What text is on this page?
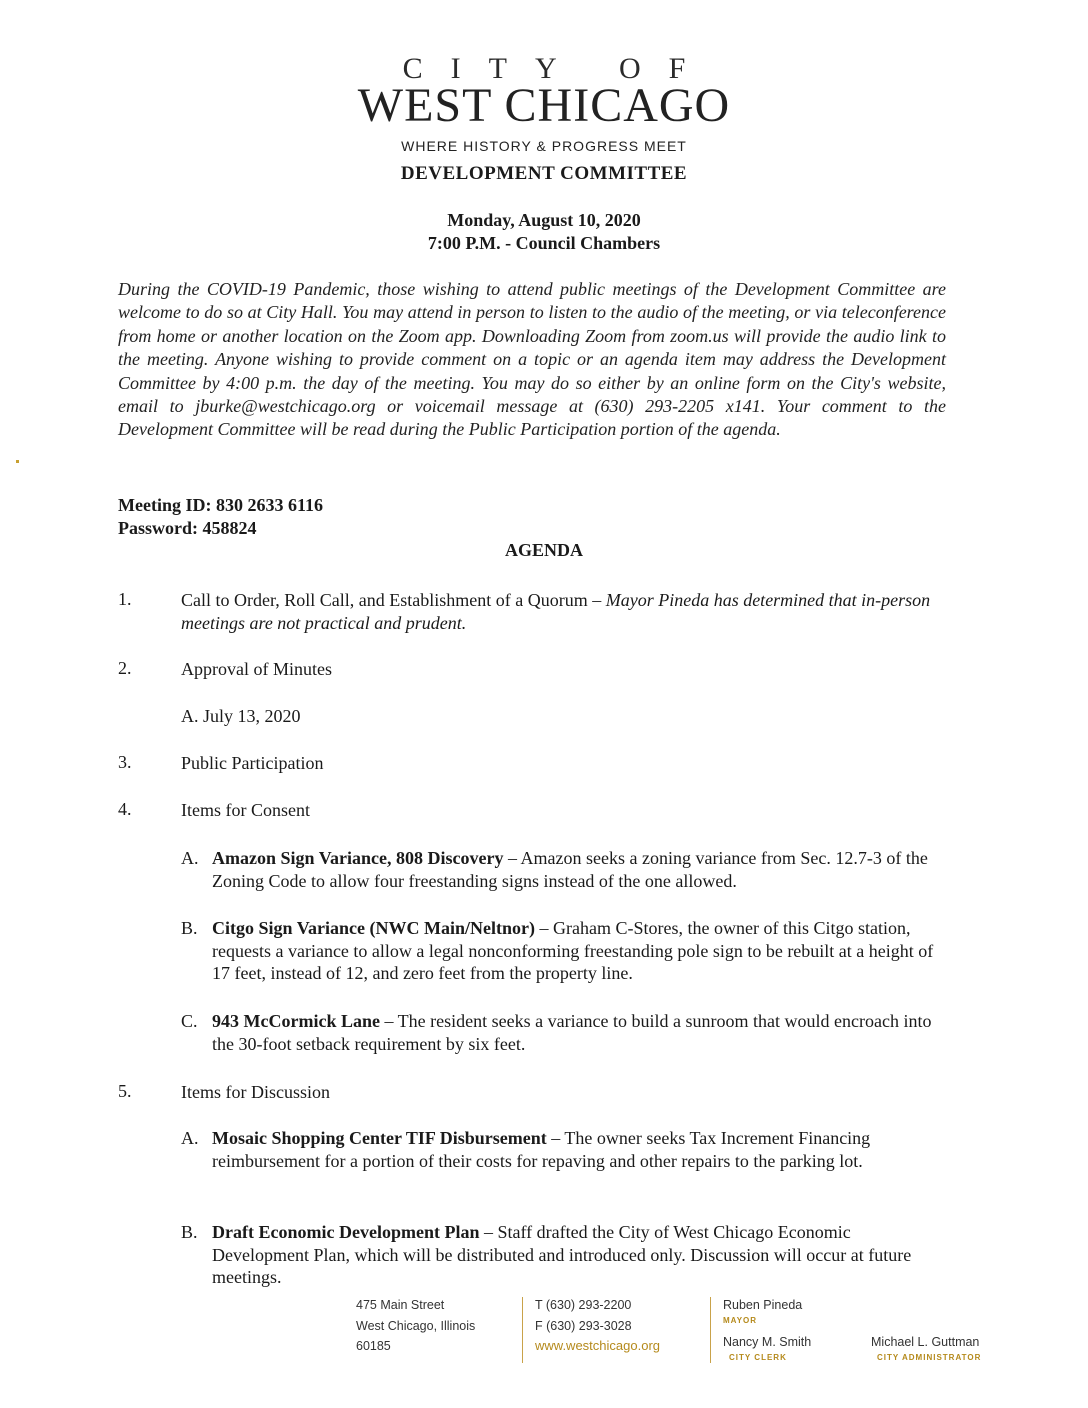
CITY OF
WEST CHICAGO
WHERE HISTORY & PROGRESS MEET
DEVELOPMENT COMMITTEE
Monday, August 10, 2020
7:00 P.M. - Council Chambers
During the COVID-19 Pandemic, those wishing to attend public meetings of the Development Committee are welcome to do so at City Hall. You may attend in person to listen to the audio of the meeting, or via teleconference from home or another location on the Zoom app. Downloading Zoom from zoom.us will provide the audio link to the meeting. Anyone wishing to provide comment on a topic or an agenda item may address the Development Committee by 4:00 p.m. the day of the meeting. You may do so either by an online form on the City's website, email to jburke@westchicago.org or voicemail message at (630) 293-2205 x141. Your comment to the Development Committee will be read during the Public Participation portion of the agenda.
Meeting ID: 830 2633 6116
Password: 458824
AGENDA
1.	Call to Order, Roll Call, and Establishment of a Quorum – Mayor Pineda has determined that in-person meetings are not practical and prudent.
2.	Approval of Minutes
A. July 13, 2020
3.	Public Participation
4.	Items for Consent
A. Amazon Sign Variance, 808 Discovery – Amazon seeks a zoning variance from Sec. 12.7-3 of the Zoning Code to allow four freestanding signs instead of the one allowed.
B. Citgo Sign Variance (NWC Main/Neltnor) – Graham C-Stores, the owner of this Citgo station, requests a variance to allow a legal nonconforming freestanding pole sign to be rebuilt at a height of 17 feet, instead of 12, and zero feet from the property line.
C. 943 McCormick Lane – The resident seeks a variance to build a sunroom that would encroach into the 30-foot setback requirement by six feet.
5.	Items for Discussion
A. Mosaic Shopping Center TIF Disbursement – The owner seeks Tax Increment Financing reimbursement for a portion of their costs for repaving and other repairs to the parking lot.
B. Draft Economic Development Plan – Staff drafted the City of West Chicago Economic Development Plan, which will be distributed and introduced only. Discussion will occur at future meetings.
475 Main Street
West Chicago, Illinois
60185
T (630) 293-2200
F (630) 293-3028
www.westchicago.org
Ruben Pineda
MAYOR
Nancy M. Smith
CITY CLERK
Michael L. Guttman
CITY ADMINISTRATOR
